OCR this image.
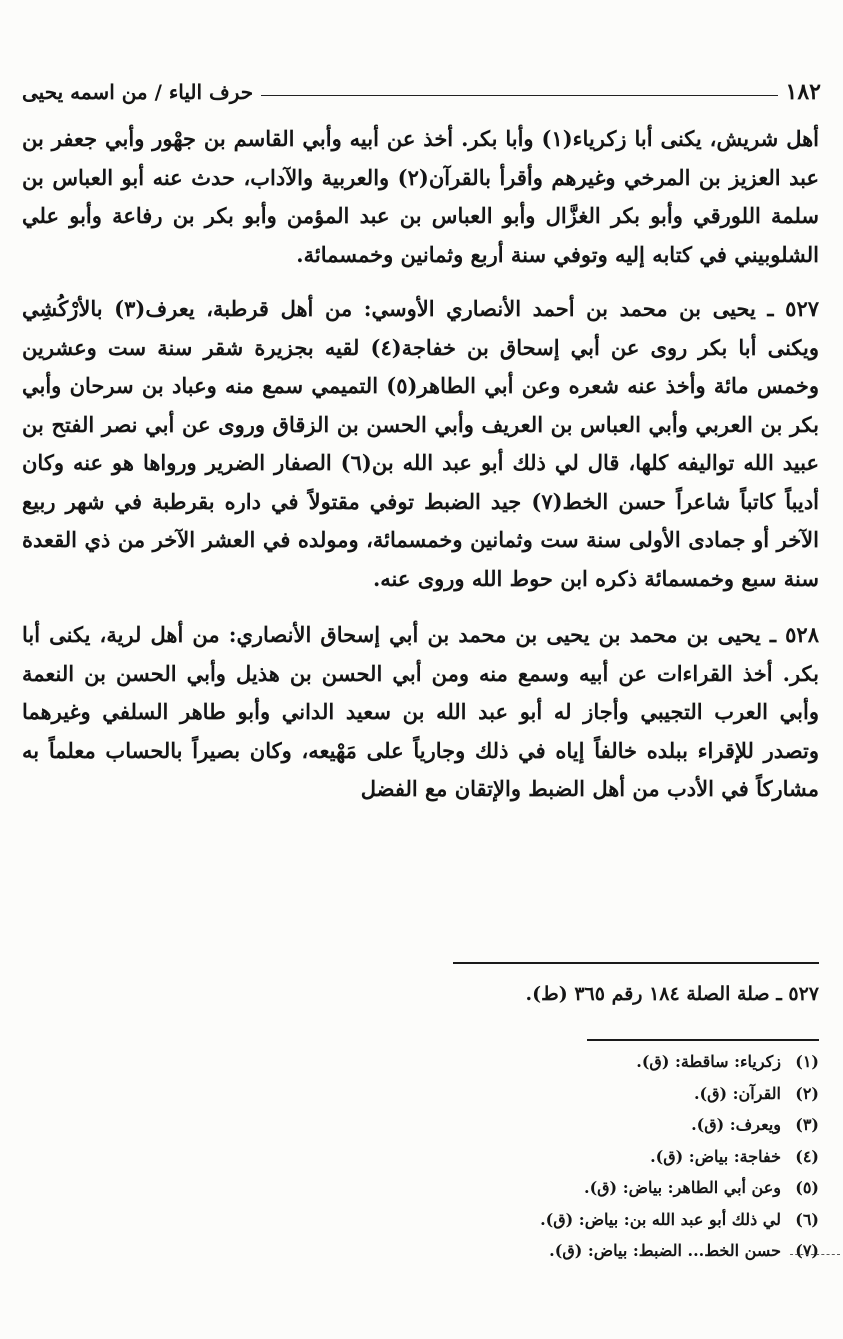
١٨٢
حرف الياء / من اسمه يحيى

أهل شريش، يكنى أبا زكرياء(١) وأبا بكر. أخذ عن أبيه وأبي القاسم بن جهْور وأبي جعفر بن عبد العزيز بن المرخي وغيرهم وأقرأ بالقرآن(٢) والعربية والآداب، حدث عنه أبو العباس بن سلمة اللورقي وأبو بكر الغزَّال وأبو العباس بن عبد المؤمن وأبو بكر بن رفاعة وأبو علي الشلوبيني في كتابه إليه وتوفي سنة أربع وثمانين وخمسمائة.

٥٢٧ ـ يحيى بن محمد بن أحمد الأنصاري الأوسي: من أهل قرطبة، يعرف(٣) بالأرْكُشِي ويكنى أبا بكر روى عن أبي إسحاق بن خفاجة(٤) لقيه بجزيرة شقر سنة ست وعشرين وخمس مائة وأخذ عنه شعره وعن أبي الطاهر(٥) التميمي سمع منه وعباد بن سرحان وأبي بكر بن العربي وأبي العباس بن العريف وأبي الحسن بن الزقاق وروى عن أبي نصر الفتح بن عبيد الله تواليفه كلها، قال لي ذلك أبو عبد الله بن(٦) الصفار الضرير ورواها هو عنه وكان أديباً كاتباً شاعراً حسن الخط(٧) جيد الضبط توفي مقتولاً في داره بقرطبة في شهر ربيع الآخر أو جمادى الأولى سنة ست وثمانين وخمسمائة، ومولده في العشر الآخر من ذي القعدة سنة سبع وخمسمائة ذكره ابن حوط الله وروى عنه.

٥٢٨ ـ يحيى بن محمد بن يحيى بن محمد بن أبي إسحاق الأنصاري: من أهل لرية، يكنى أبا بكر. أخذ القراءات عن أبيه وسمع منه ومن أبي الحسن بن هذيل وأبي الحسن بن النعمة وأبي العرب التجيبي وأجاز له أبو عبد الله بن سعيد الداني وأبو طاهر السلفي وغيرهما وتصدر للإقراء ببلده خالفاً إياه في ذلك وجارياً على مَهْيعه، وكان بصيراً بالحساب معلماً به مشاركاً في الأدب من أهل الضبط والإتقان مع الفضل

٥٢٧ ـ صلة الصلة ١٨٤ رقم ٣٦٥ (ط).
(١)زكرياء: ساقطة: (ق).
(٢)القرآن: (ق).
(٣)ويعرف: (ق).
(٤)خفاجة: بياض: (ق).
(٥)وعن أبي الطاهر: بياض: (ق).
(٦)لي ذلك أبو عبد الله بن: بياض: (ق).
(٧)حسن الخط... الضبط: بياض: (ق).
